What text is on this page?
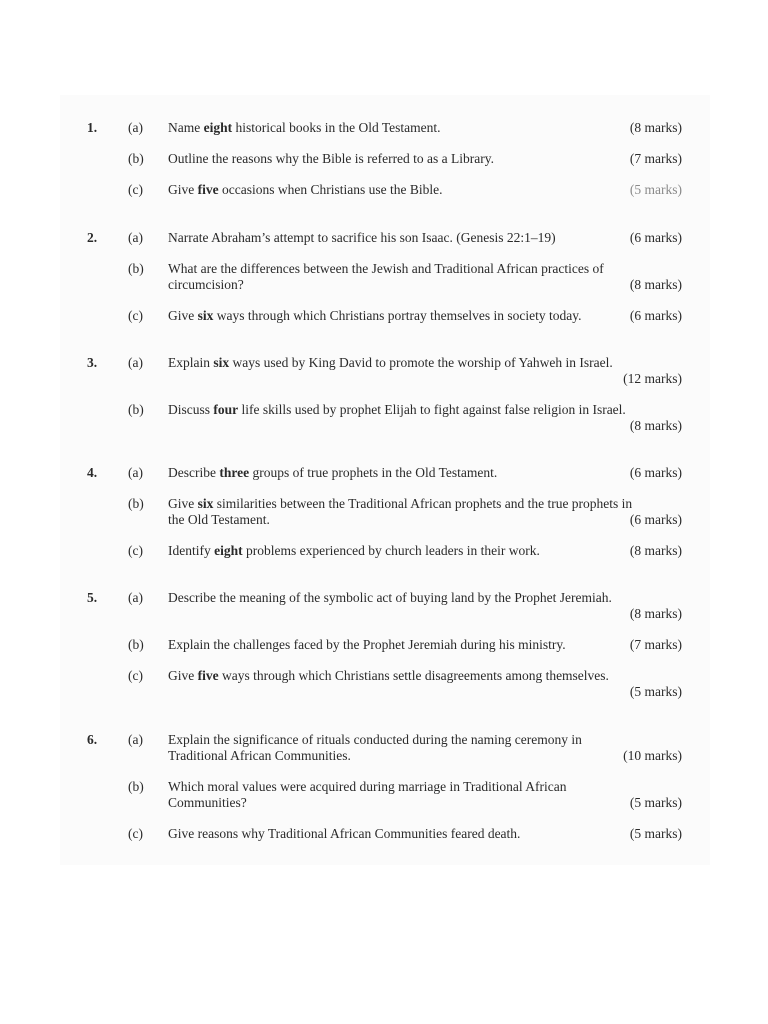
1. (a) Name eight historical books in the Old Testament.	(8 marks)
(b) Outline the reasons why the Bible is referred to as a Library.	(7 marks)
(c) Give five occasions when Christians use the Bible.	(5 marks)
2. (a) Narrate Abraham’s attempt to sacrifice his son Isaac. (Genesis 22:1–19)	(6 marks)
(b) What are the differences between the Jewish and Traditional African practices of circumcision?	(8 marks)
(c) Give six ways through which Christians portray themselves in society today.	(6 marks)
3. (a) Explain six ways used by King David to promote the worship of Yahweh in Israel.
(12 marks)
(b) Discuss four life skills used by prophet Elijah to fight against false religion in Israel.
(8 marks)
4. (a) Describe three groups of true prophets in the Old Testament.	(6 marks)
(b) Give six similarities between the Traditional African prophets and the true prophets in the Old Testament.	(6 marks)
(c) Identify eight problems experienced by church leaders in their work.	(8 marks)
5. (a) Describe the meaning of the symbolic act of buying land by the Prophet Jeremiah.
(8 marks)
(b) Explain the challenges faced by the Prophet Jeremiah during his ministry.	(7 marks)
(c) Give five ways through which Christians settle disagreements among themselves.
(5 marks)
6. (a) Explain the significance of rituals conducted during the naming ceremony in Traditional African Communities.	(10 marks)
(b) Which moral values were acquired during marriage in Traditional African Communities?	(5 marks)
(c) Give reasons why Traditional African Communities feared death.	(5 marks)
